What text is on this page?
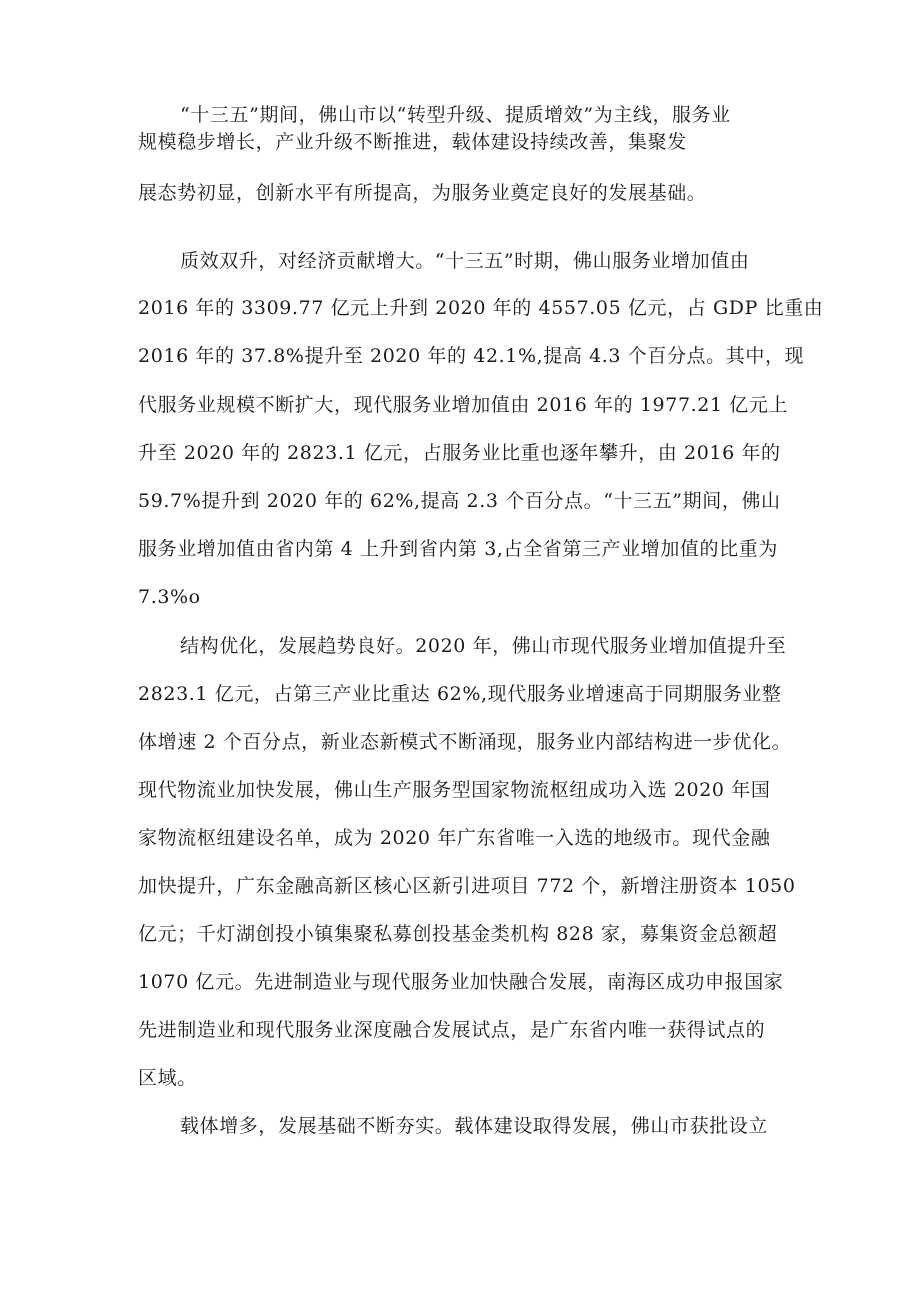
“十三五”期间，佛山市以“转型升级、提质增效”为主线，服务业
规模稳步增长，产业升级不断推进，载体建设持续改善，集聚发
展态势初显，创新水平有所提高，为服务业奠定良好的发展基础。
质效双升，对经济贡献增大。“十三五”时期，佛山服务业增加值由
2016 年的 3309.77 亿元上升到 2020 年的 4557.05 亿元，占 GDP 比重由
2016 年的 37.8%提升至 2020 年的 42.1%,提高 4.3 个百分点。其中，现
代服务业规模不断扩大，现代服务业增加值由 2016 年的 1977.21 亿元上
升至 2020 年的 2823.1 亿元，占服务业比重也逐年攀升，由 2016 年的
59.7%提升到 2020 年的 62%,提高 2.3 个百分点。“十三五”期间，佛山
服务业增加值由省内第 4 上升到省内第 3,占全省第三产业增加值的比重为
7.3%o
结构优化，发展趋势良好。2020 年，佛山市现代服务业增加值提升至
2823.1 亿元，占第三产业比重达 62%,现代服务业增速高于同期服务业整
体增速 2 个百分点，新业态新模式不断涌现，服务业内部结构进一步优化。
现代物流业加快发展，佛山生产服务型国家物流枢纽成功入选 2020 年国
家物流枢纽建设名单，成为 2020 年广东省唯一入选的地级市。现代金融
加快提升，广东金融高新区核心区新引进项目 772 个，新增注册资本 1050
亿元；千灯湖创投小镇集聚私募创投基金类机构 828 家，募集资金总额超
1070 亿元。先进制造业与现代服务业加快融合发展，南海区成功申报国家
先进制造业和现代服务业深度融合发展试点，是广东省内唯一获得试点的
区域。
载体增多，发展基础不断夯实。载体建设取得发展，佛山市获批设立
